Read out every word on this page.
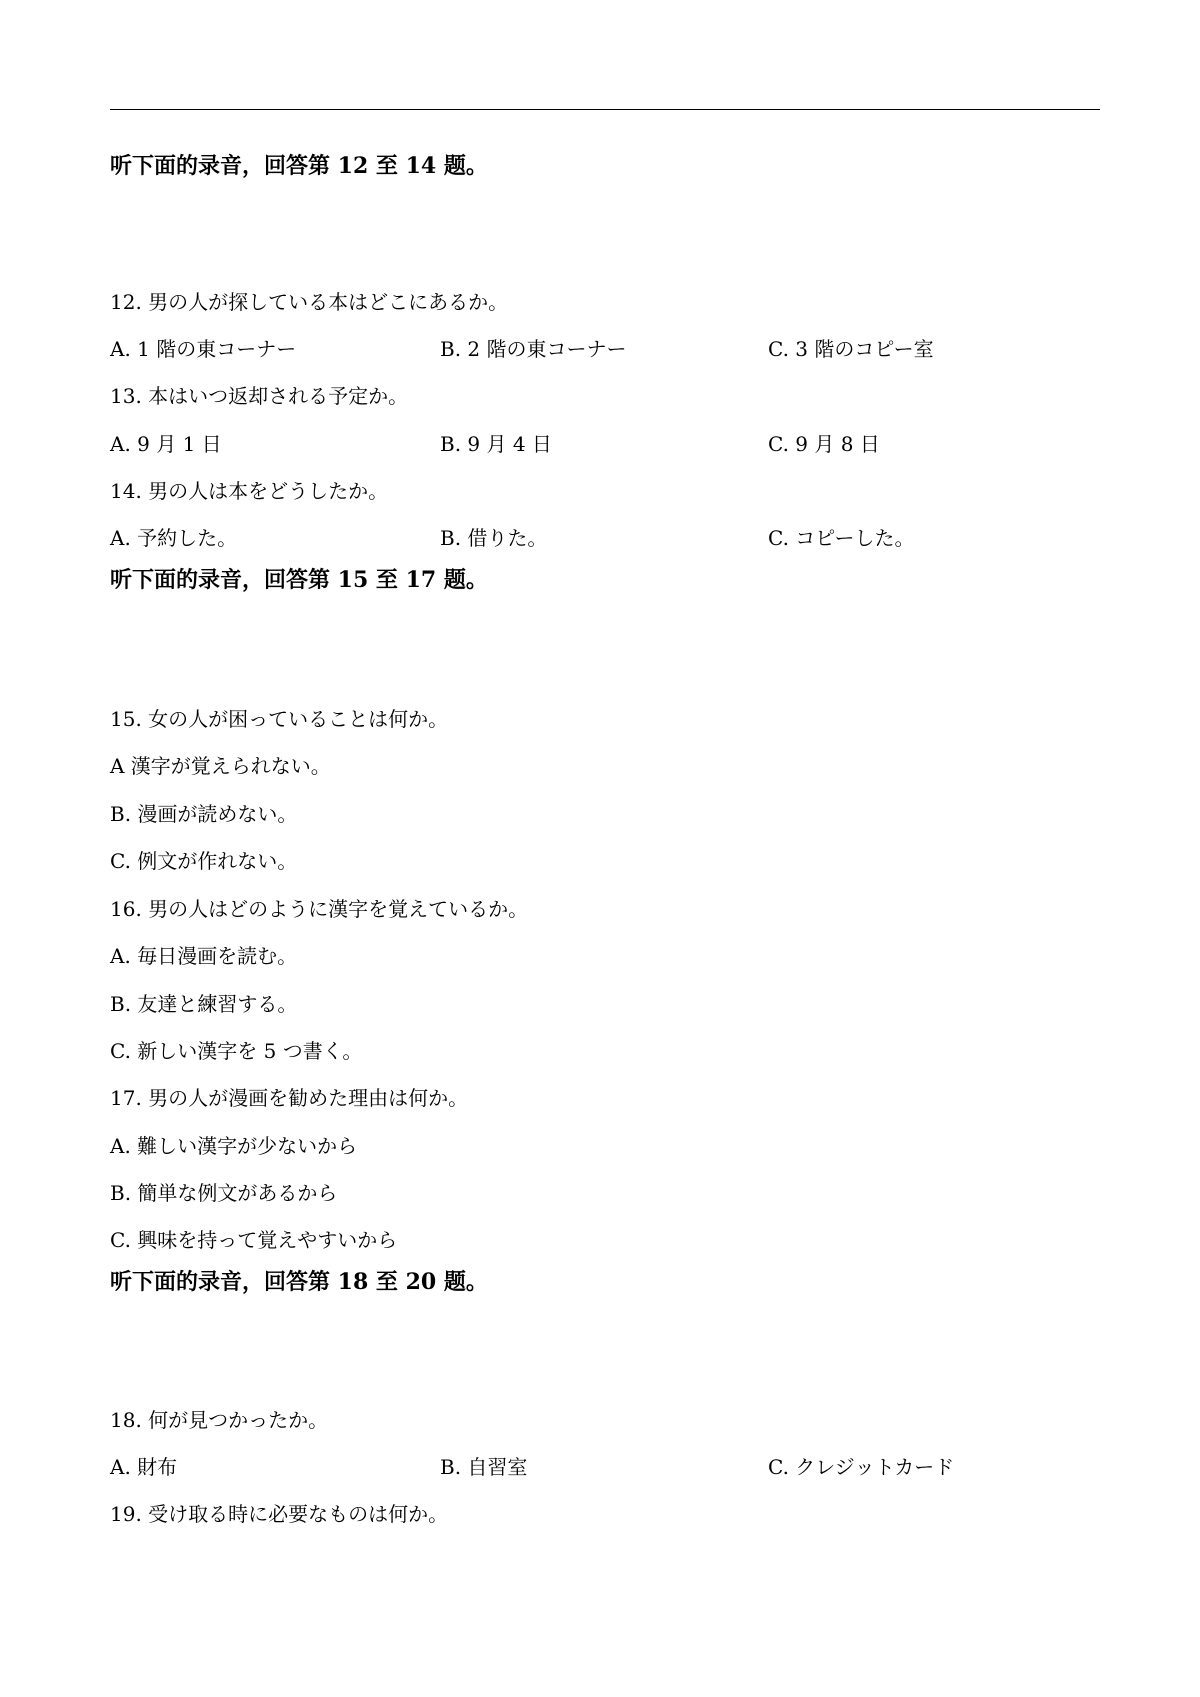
听下面的录音，回答第 12 至 14 题。
12. 男の人が探している本はどこにあるか。
A. 1 階の東コーナー	B. 2 階の東コーナー	C. 3 階のコピー室
13. 本はいつ返却される予定か。
A. 9 月 1 日	B. 9 月 4 日	C. 9 月 8 日
14. 男の人は本をどうしたか。
A. 予約した。	B. 借りた。	C. コピーした。
听下面的录音，回答第 15 至 17 题。
15. 女の人が困っていることは何か。
A 漢字が覚えられない。
B. 漫画が読めない。
C. 例文が作れない。
16. 男の人はどのように漢字を覚えているか。
A. 毎日漫画を読む。
B. 友達と練習する。
C. 新しい漢字を 5 つ書く。
17. 男の人が漫画を勧めた理由は何か。
A. 難しい漢字が少ないから
B. 簡単な例文があるから
C. 興味を持って覚えやすいから
听下面的录音，回答第 18 至 20 题。
18. 何が見つかったか。
A. 財布	B. 自習室	C. クレジットカード
19. 受け取る時に必要なものは何か。
